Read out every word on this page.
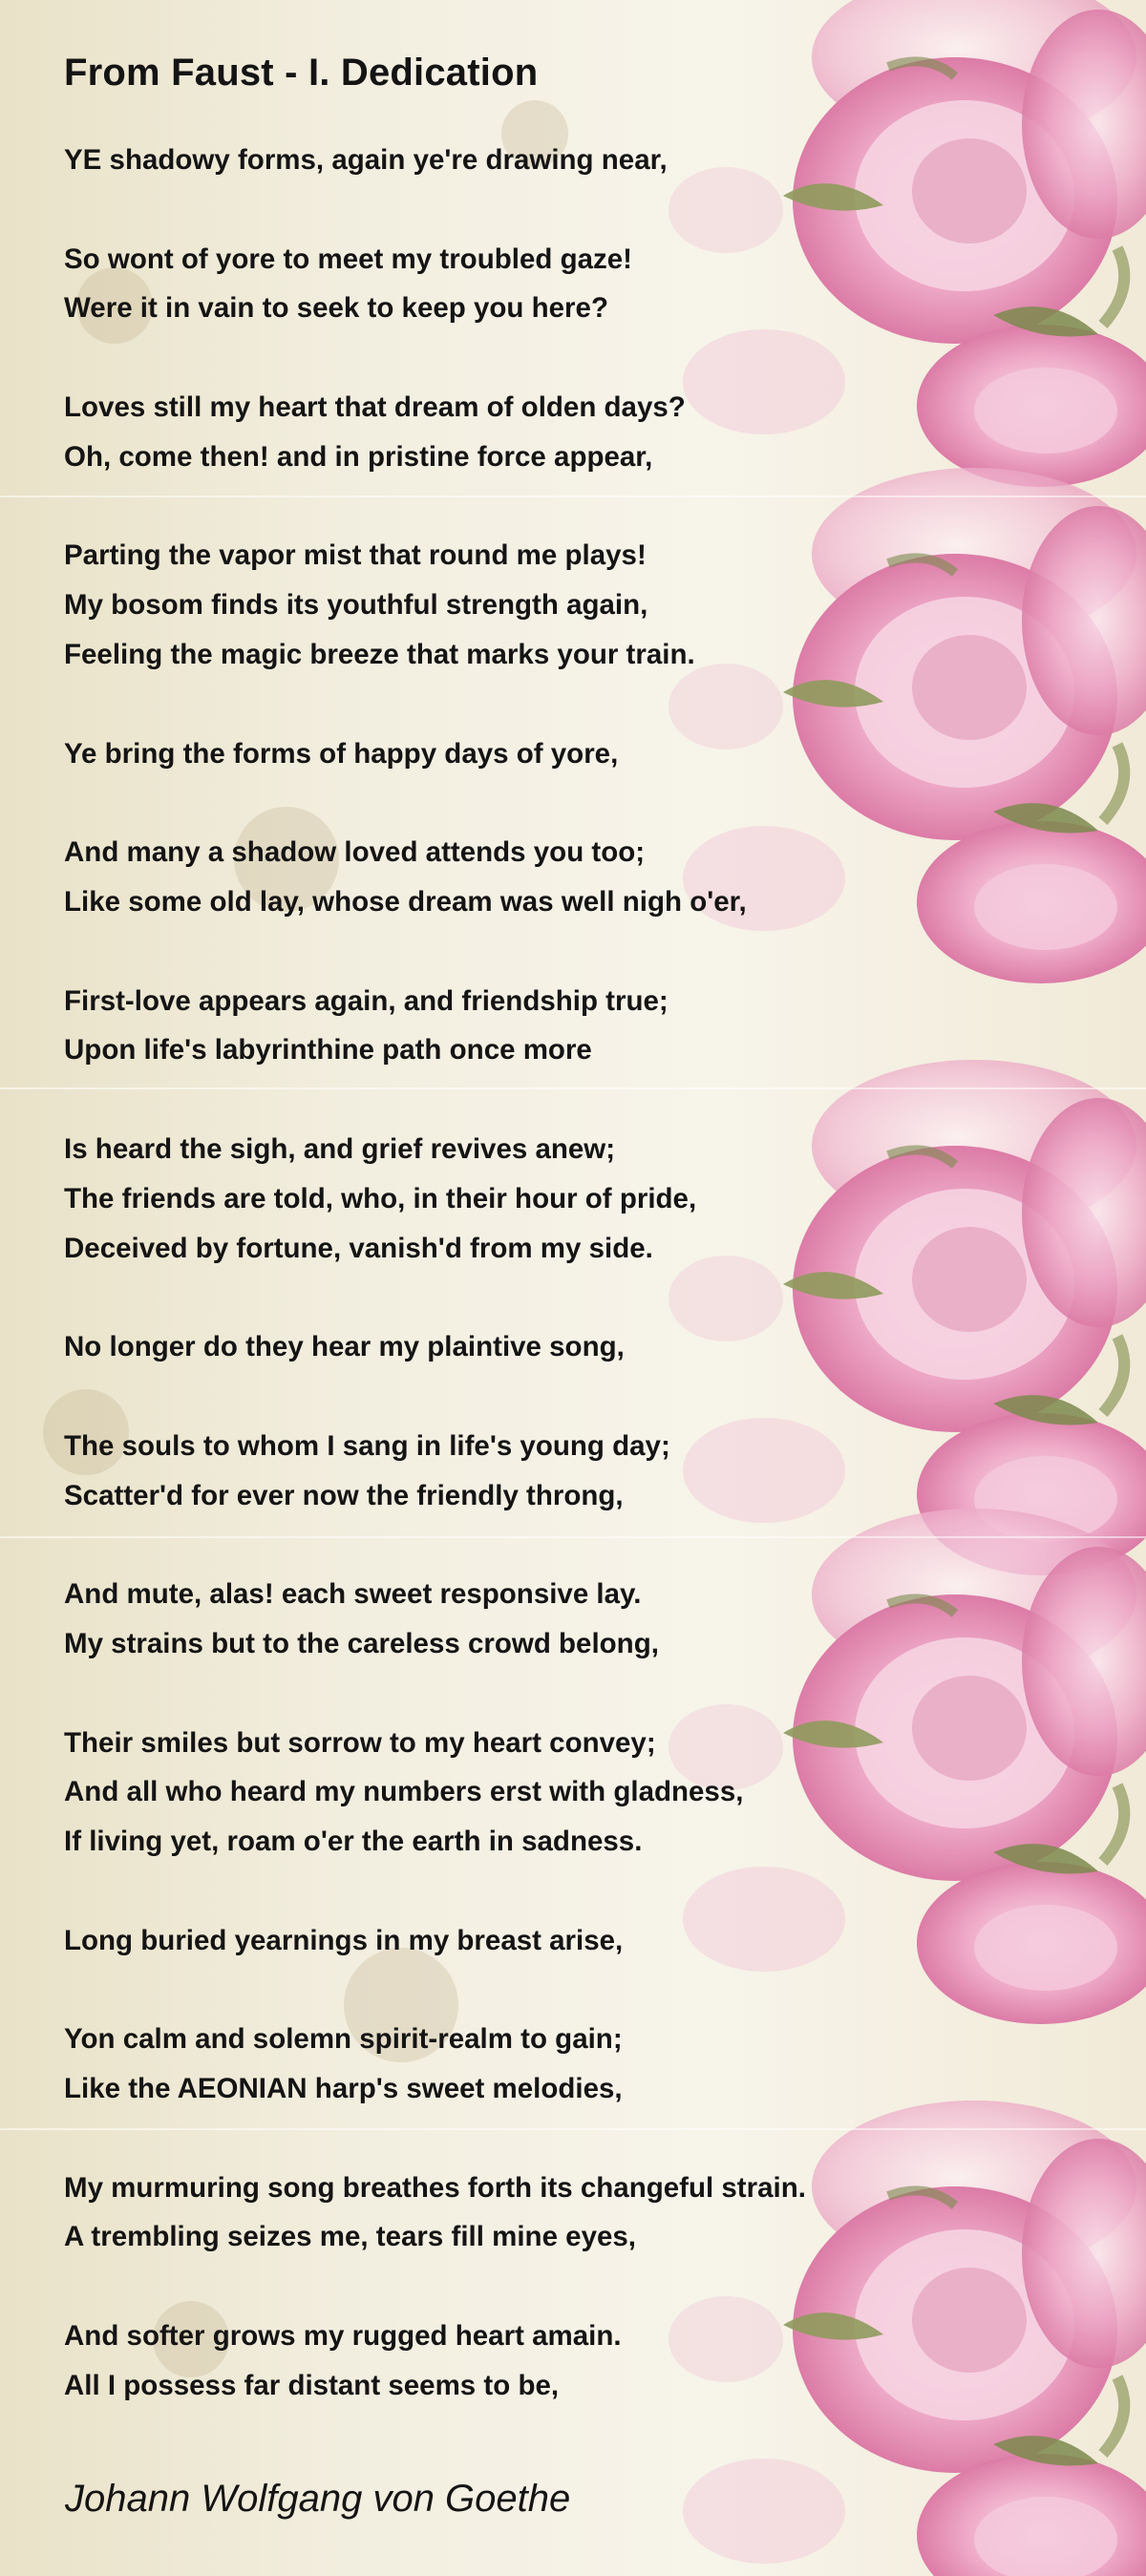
From Faust - I. Dedication
YE shadowy forms, again ye're drawing near,
So wont of yore to meet my troubled gaze!
Were it in vain to seek to keep you here?
Loves still my heart that dream of olden days?
Oh, come then! and in pristine force appear,
Parting the vapor mist that round me plays!
My bosom finds its youthful strength again,
Feeling the magic breeze that marks your train.
Ye bring the forms of happy days of yore,
And many a shadow loved attends you too;
Like some old lay, whose dream was well nigh o'er,
First-love appears again, and friendship true;
Upon life's labyrinthine path once more
Is heard the sigh, and grief revives anew;
The friends are told, who, in their hour of pride,
Deceived by fortune, vanish'd from my side.
No longer do they hear my plaintive song,
The souls to whom I sang in life's young day;
Scatter'd for ever now the friendly throng,
And mute, alas! each sweet responsive lay.
My strains but to the careless crowd belong,
Their smiles but sorrow to my heart convey;
And all who heard my numbers erst with gladness,
If living yet, roam o'er the earth in sadness.
Long buried yearnings in my breast arise,
Yon calm and solemn spirit-realm to gain;
Like the AEONIAN harp's sweet melodies,
My murmuring song breathes forth its changeful strain.
A trembling seizes me, tears fill mine eyes,
And softer grows my rugged heart amain.
All I possess far distant seems to be,
Johann Wolfgang von Goethe
